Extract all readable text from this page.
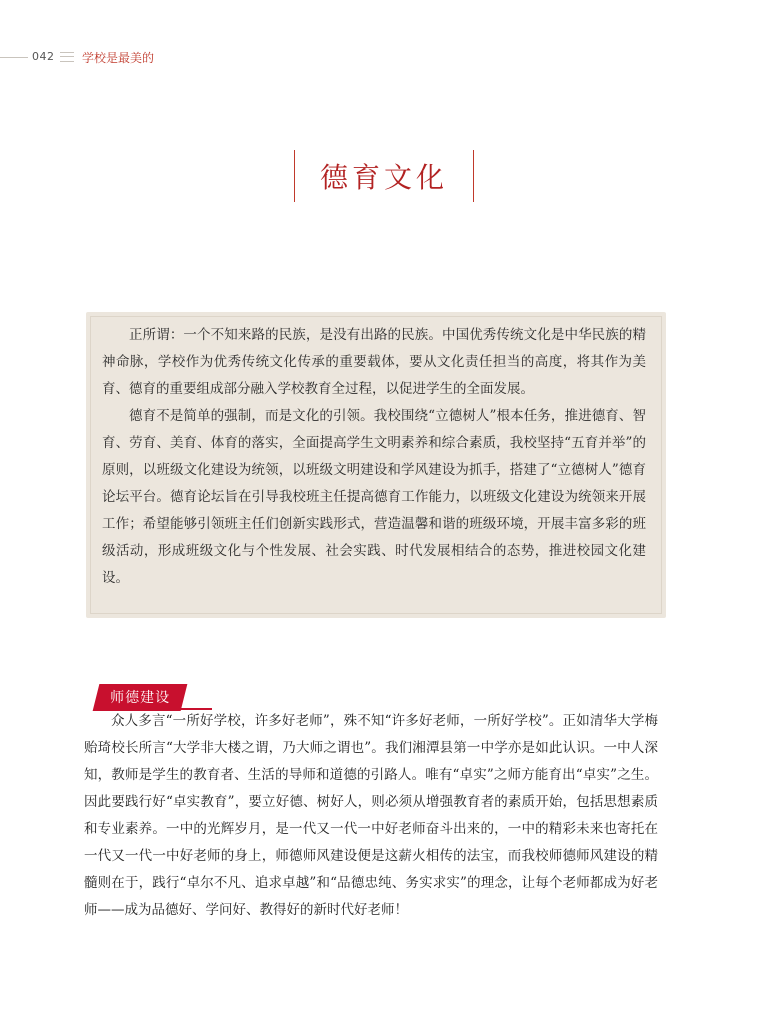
042 学校是最美的
德育文化

正所谓：一个不知来路的民族，是没有出路的民族。中国优秀传统文化是中华民族的精神命脉，学校作为优秀传统文化传承的重要载体，要从文化责任担当的高度，将其作为美育、德育的重要组成部分融入学校教育全过程，以促进学生的全面发展。

德育不是简单的强制，而是文化的引领。我校围绕“立德树人”根本任务，推进德育、智育、劳育、美育、体育的落实，全面提高学生文明素养和综合素质，我校坚持“五育并举”的原则，以班级文化建设为统领，以班级文明建设和学风建设为抓手，搭建了“立德树人”德育论坛平台。德育论坛旨在引导我校班主任提高德育工作能力，以班级文化建设为统领来开展工作；希望能够引领班主任们创新实践形式，营造温馨和谐的班级环境，开展丰富多彩的班级活动，形成班级文化与个性发展、社会实践、时代发展相结合的态势，推进校园文化建设。

师德建设

众人多言“一所好学校，许多好老师”，殊不知“许多好老师，一所好学校”。正如清华大学梅贻琦校长所言“大学非大楼之谓，乃大师之谓也”。我们湘潭县第一中学亦是如此认识。一中人深知，教师是学生的教育者、生活的导师和道德的引路人。唯有“卓实”之师方能育出“卓实”之生。因此要践行好“卓实教育”，要立好德、树好人，则必须从增强教育者的素质开始，包括思想素质和专业素养。一中的光辉岁月，是一代又一代一中好老师奋斗出来的，一中的精彩未来也寄托在一代又一代一中好老师的身上，师德师风建设便是这薪火相传的法宝，而我校师德师风建设的精髓则在于，践行“卓尔不凡、追求卓越”和“品德忠纯、务实求实”的理念，让每个老师都成为好老师——成为品德好、学问好、教得好的新时代好老师！
